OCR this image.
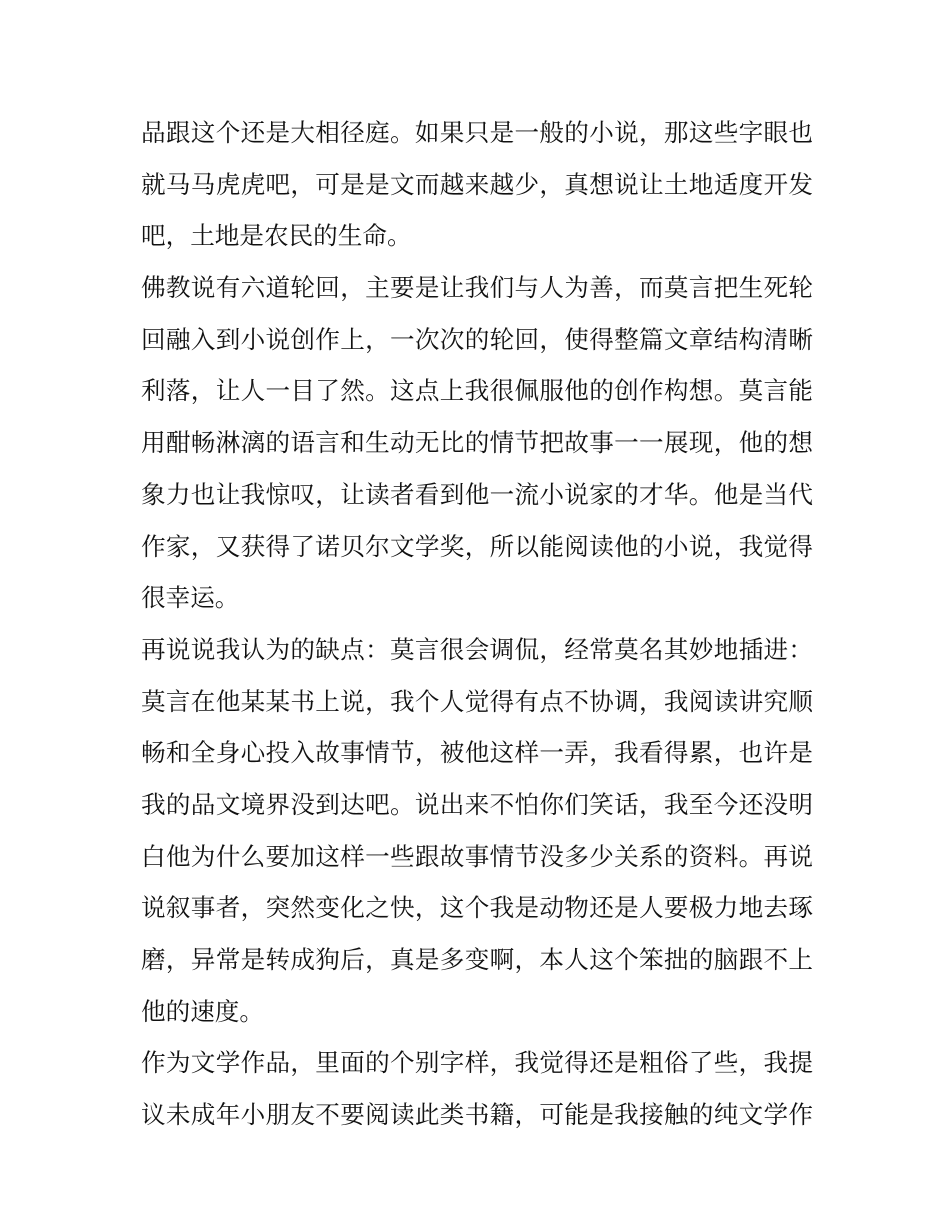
品跟这个还是大相径庭。如果只是一般的小说，那这些字眼也
就马马虎虎吧，可是是文而越来越少，真想说让土地适度开发
吧，土地是农民的生命。
佛教说有六道轮回，主要是让我们与人为善，而莫言把生死轮
回融入到小说创作上，一次次的轮回，使得整篇文章结构清晰
利落，让人一目了然。这点上我很佩服他的创作构想。莫言能
用酣畅淋漓的语言和生动无比的情节把故事一一展现，他的想
象力也让我惊叹，让读者看到他一流小说家的才华。他是当代
作家，又获得了诺贝尔文学奖，所以能阅读他的小说，我觉得
很幸运。
再说说我认为的缺点：莫言很会调侃，经常莫名其妙地插进：
莫言在他某某书上说，我个人觉得有点不协调，我阅读讲究顺
畅和全身心投入故事情节，被他这样一弄，我看得累，也许是
我的品文境界没到达吧。说出来不怕你们笑话，我至今还没明
白他为什么要加这样一些跟故事情节没多少关系的资料。再说
说叙事者，突然变化之快，这个我是动物还是人要极力地去琢
磨，异常是转成狗后，真是多变啊，本人这个笨拙的脑跟不上
他的速度。
作为文学作品，里面的个别字样，我觉得还是粗俗了些，我提
议未成年小朋友不要阅读此类书籍，可能是我接触的纯文学作
